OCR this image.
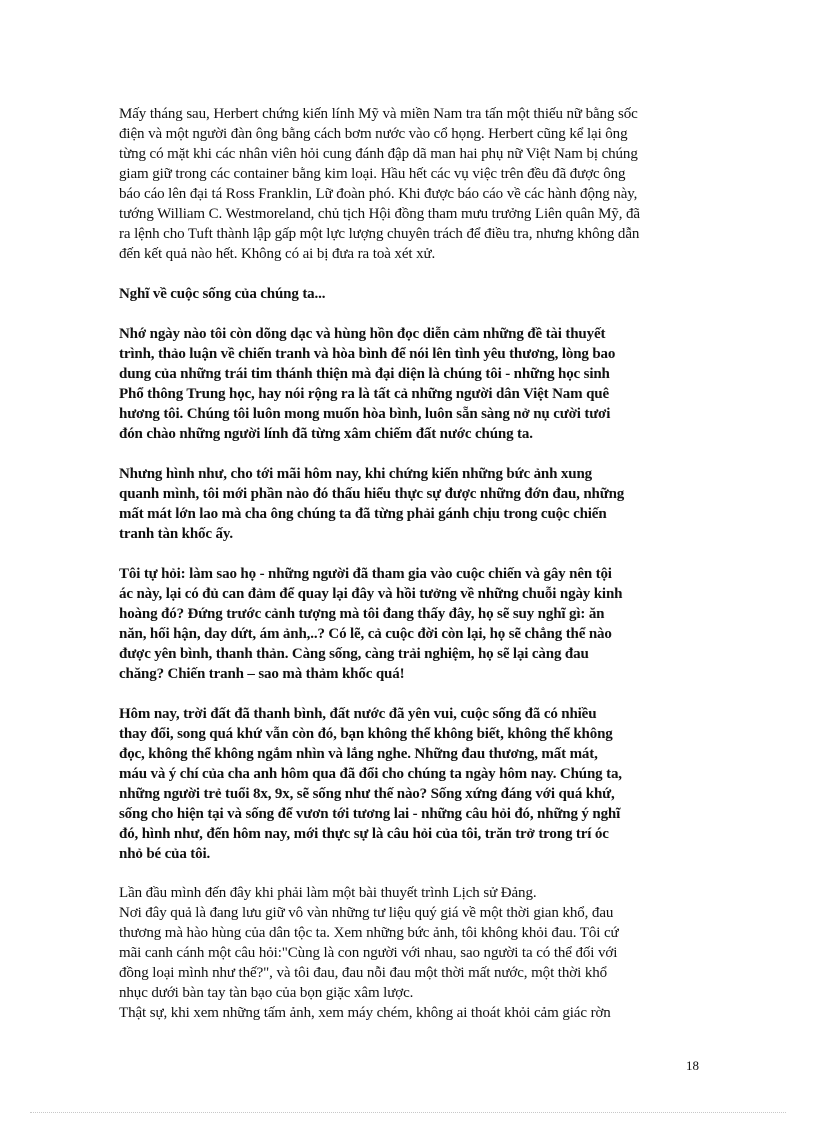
Mấy tháng sau, Herbert chứng kiến lính Mỹ và miền Nam tra tấn một thiếu nữ bằng sốc
điện và một người đàn ông bằng cách bơm nước vào cổ họng. Herbert cũng kể lại ông
từng có mặt khi các nhân viên hỏi cung đánh đập dã man hai phụ nữ Việt Nam bị chúng
giam giữ trong các container bằng kim loại. Hầu hết các vụ việc trên đều đã được ông
báo cáo lên đại tá Ross Franklin, Lữ đoàn phó. Khi được báo cáo về các hành động này,
tướng William C. Westmoreland, chủ tịch Hội đồng tham mưu trưởng Liên quân Mỹ, đã
ra lệnh cho Tuft thành lập gấp một lực lượng chuyên trách để điều tra, nhưng không dẫn
đến kết quả nào hết. Không có ai bị đưa ra toà xét xử.

Nghĩ về cuộc sống của chúng ta...

Nhớ ngày nào tôi còn dõng dạc và hùng hồn đọc diễn cảm những đề tài thuyết
trình, thảo luận về chiến tranh và hòa bình để nói lên tình yêu thương, lòng bao
dung của những trái tim thánh thiện mà đại diện là chúng tôi - những học sinh
Phổ thông Trung học, hay nói rộng ra là tất cả những người dân Việt Nam quê
hương tôi. Chúng tôi luôn mong muốn hòa bình, luôn sẵn sàng nở nụ cười tươi
đón chào những người lính đã từng xâm chiếm đất nước chúng ta.

Nhưng hình như, cho tới mãi hôm nay, khi chứng kiến những bức ảnh xung
quanh mình, tôi mới phần nào đó thấu hiểu thực sự được những đớn đau, những
mất mát lớn lao mà cha ông chúng ta đã từng phải gánh chịu trong cuộc chiến
tranh tàn khốc ấy.

Tôi tự hỏi: làm sao họ - những người đã tham gia vào cuộc chiến và gây nên tội
ác này, lại có đủ can đảm để quay lại đây và hồi tưởng về những chuỗi ngày kinh
hoàng đó? Đứng trước cảnh tượng mà tôi đang thấy đây, họ sẽ suy nghĩ gì: ăn
năn, hối hận, day dứt, ám ảnh,..? Có lẽ, cả cuộc đời còn lại, họ sẽ chẳng thể nào
được yên bình, thanh thản. Càng sống, càng trải nghiệm, họ sẽ lại càng đau
chăng? Chiến tranh – sao mà thảm khốc quá!

Hôm nay, trời đất đã thanh bình, đất nước đã yên vui, cuộc sống đã có nhiều
thay đổi, song quá khứ vẫn còn đó, bạn không thể không biết, không thể không
đọc, không thể không ngắm nhìn và lắng nghe. Những đau thương, mất mát,
máu và ý chí của cha anh hôm qua đã đổi cho chúng ta ngày hôm nay. Chúng ta,
những người trẻ tuổi 8x, 9x, sẽ sống như thế nào? Sống xứng đáng với quá khứ,
sống cho hiện tại và sống để vươn tới tương lai - những câu hỏi đó, những ý nghĩ
đó, hình như, đến hôm nay, mới thực sự là câu hỏi của tôi, trăn trở trong trí óc
nhỏ bé của tôi.

Lần đầu mình đến đây khi phải làm một bài thuyết trình Lịch sử Đảng.
Nơi đây quả là đang lưu giữ vô vàn những tư liệu quý giá về một thời gian khổ, đau
thương mà hào hùng của dân tộc ta. Xem những bức ảnh, tôi không khỏi đau. Tôi cứ
mãi canh cánh một câu hỏi:"Cùng là con người với nhau, sao người ta có thể đối với
đồng loại mình như thế?", và tôi đau, đau nỗi đau một thời mất nước, một thời khổ
nhục dưới bàn tay tàn bạo của bọn giặc xâm lược.
Thật sự, khi xem những tấm ảnh, xem máy chém, không ai thoát khỏi cảm giác rờn

18
